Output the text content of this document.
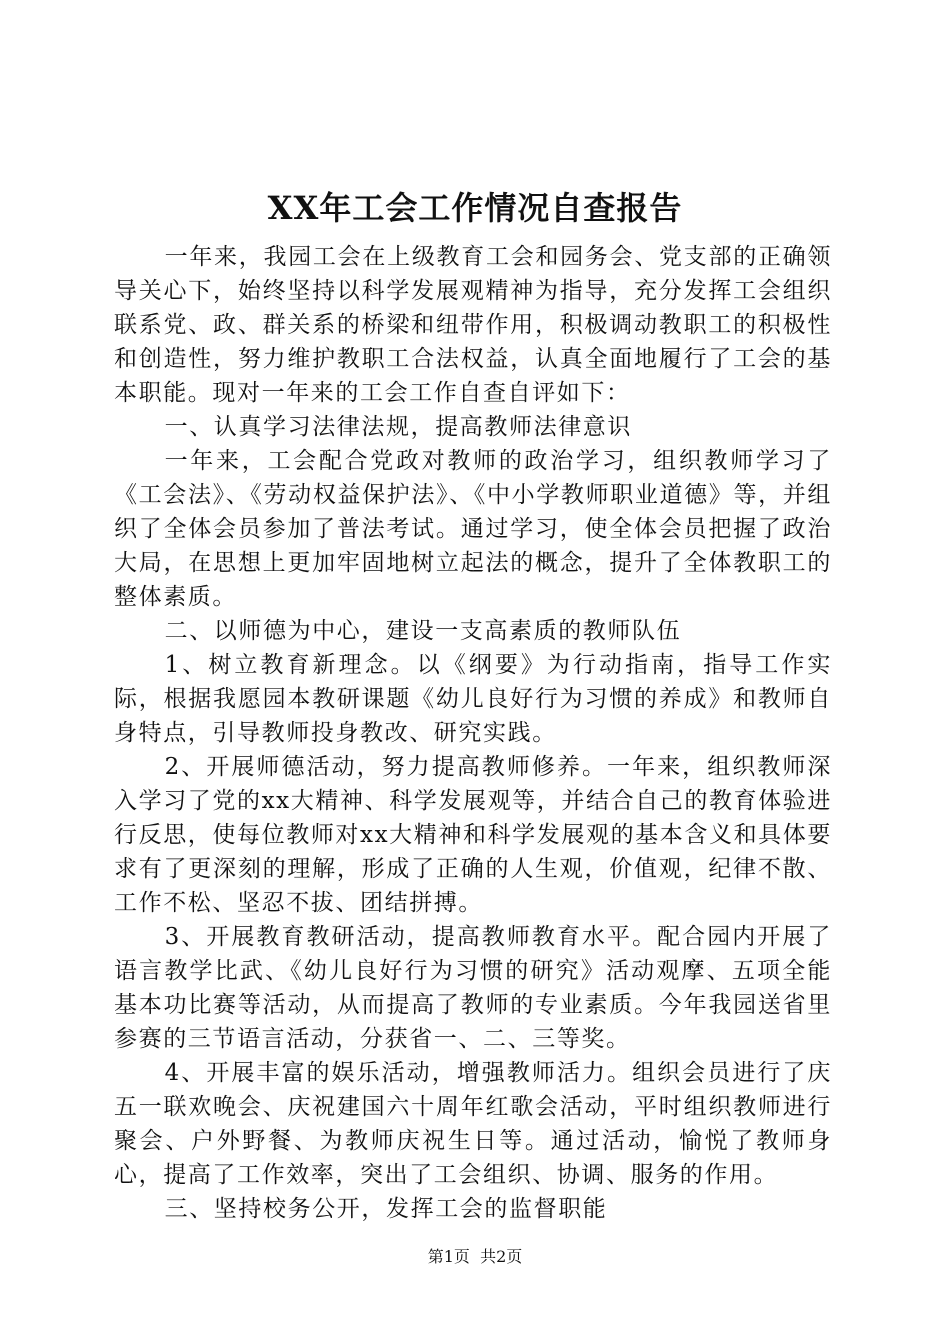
XX年工会工作情况自查报告

一年来，我园工会在上级教育工会和园务会、党支部的正确领导关心下，始终坚持以科学发展观精神为指导，充分发挥工会组织联系党、政、群关系的桥梁和纽带作用，积极调动教职工的积极性和创造性，努力维护教职工合法权益，认真全面地履行了工会的基本职能。现对一年来的工会工作自查自评如下：

一、认真学习法律法规，提高教师法律意识

一年来，工会配合党政对教师的政治学习，组织教师学习了《工会法》、《劳动权益保护法》、《中小学教师职业道德》等，并组织了全体会员参加了普法考试。通过学习，使全体会员把握了政治大局，在思想上更加牢固地树立起法的概念，提升了全体教职工的整体素质。

二、以师德为中心，建设一支高素质的教师队伍

1、树立教育新理念。以《纲要》为行动指南，指导工作实际，根据我愿园本教研课题《幼儿良好行为习惯的养成》和教师自身特点，引导教师投身教改、研究实践。

2、开展师德活动，努力提高教师修养。一年来，组织教师深入学习了党的xx大精神、科学发展观等，并结合自己的教育体验进行反思，使每位教师对xx大精神和科学发展观的基本含义和具体要求有了更深刻的理解，形成了正确的人生观，价值观，纪律不散、工作不松、坚忍不拔、团结拼搏。

3、开展教育教研活动，提高教师教育水平。配合园内开展了语言教学比武、《幼儿良好行为习惯的研究》活动观摩、五项全能基本功比赛等活动，从而提高了教师的专业素质。今年我园送省里参赛的三节语言活动，分获省一、二、三等奖。

4、开展丰富的娱乐活动，增强教师活力。组织会员进行了庆五一联欢晚会、庆祝建国六十周年红歌会活动，平时组织教师进行聚会、户外野餐、为教师庆祝生日等。通过活动，愉悦了教师身心，提高了工作效率，突出了工会组织、协调、服务的作用。

三、坚持校务公开，发挥工会的监督职能

第1页  共2页
